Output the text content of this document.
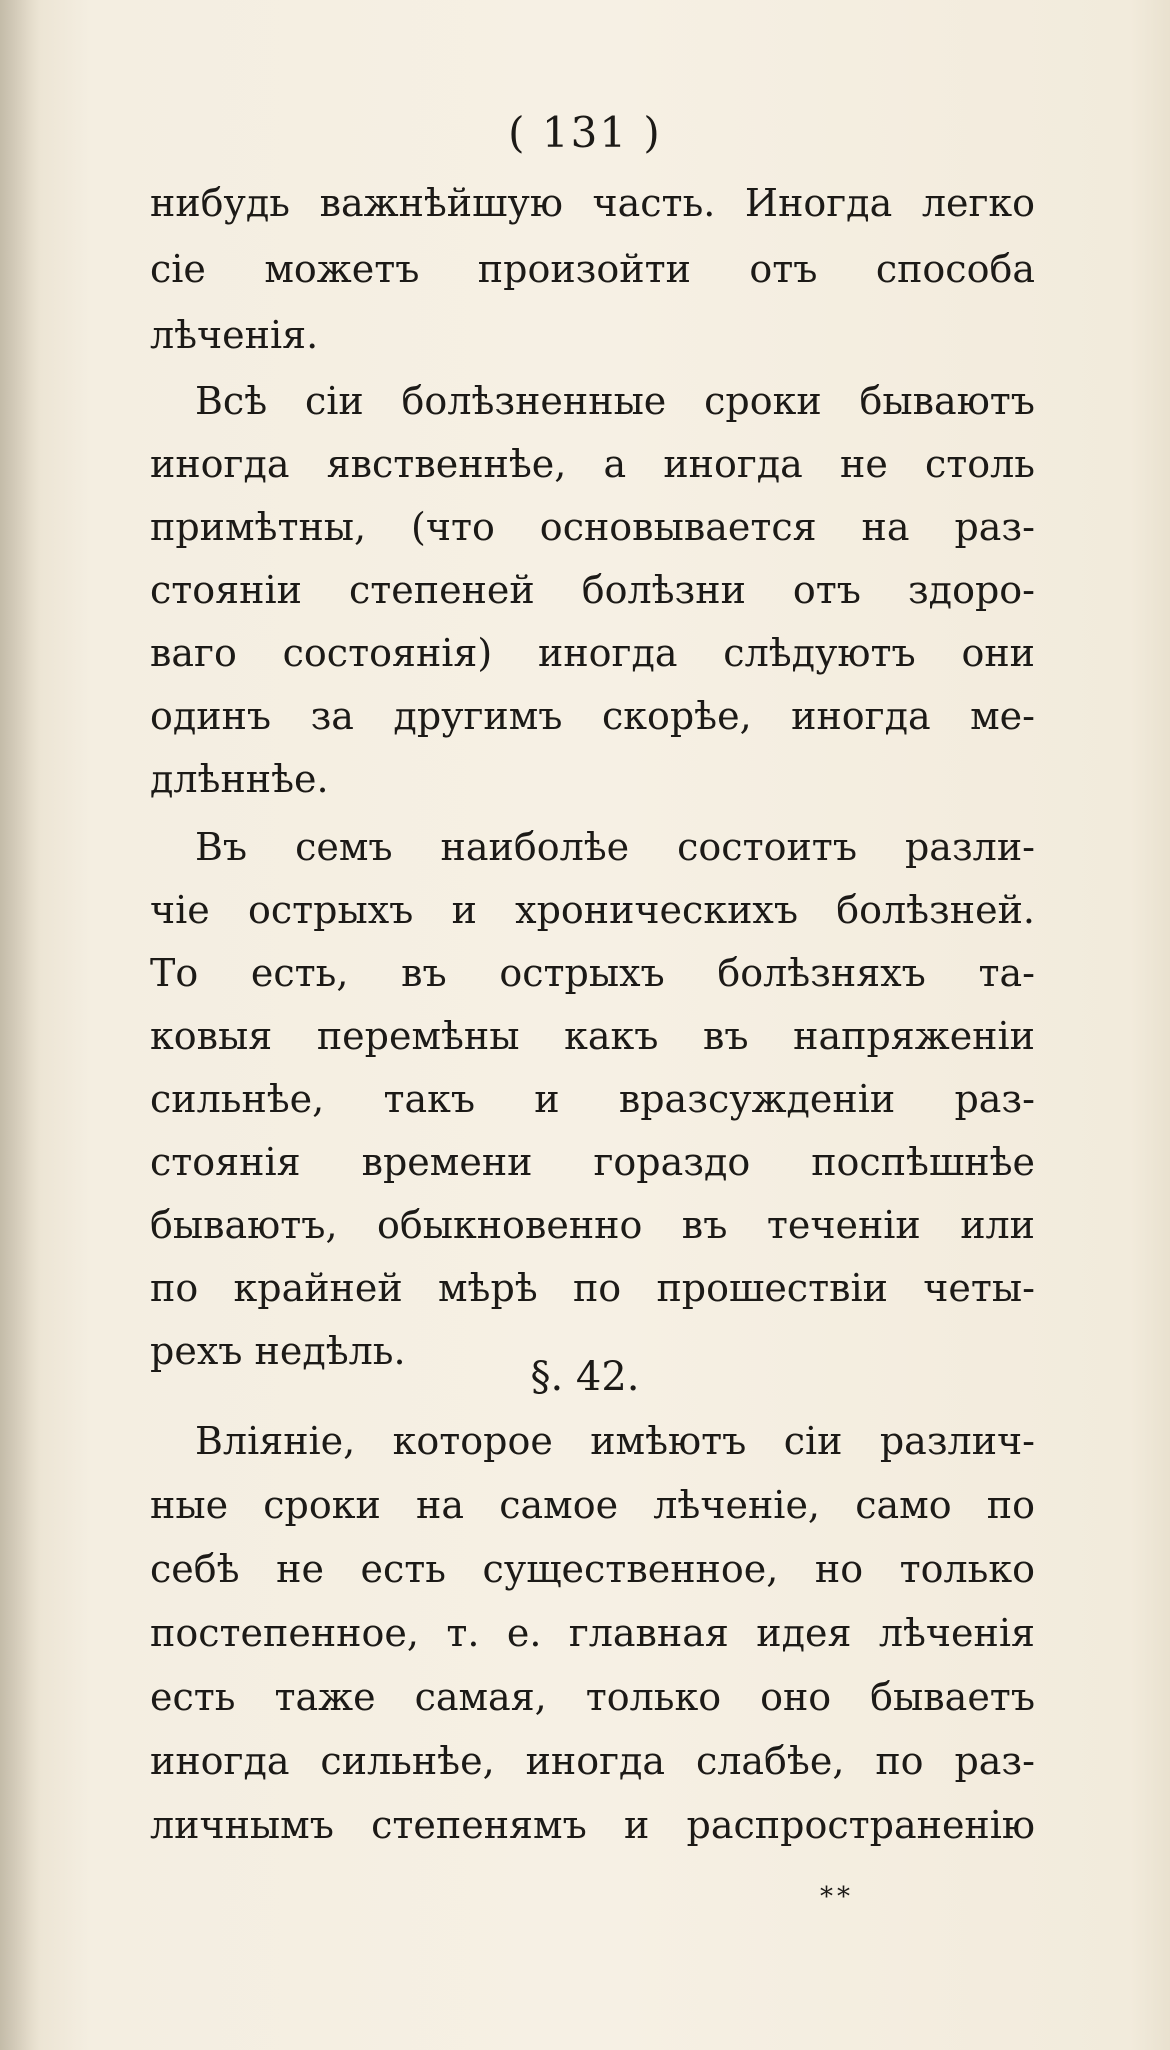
( 131 )
нибудь важнѣйшую часть. Иногда легко
сіе можетъ произойти отъ способа
лѣченія.
Всѣ сіи болѣзненные сроки бываютъ
иногда явственнѣе, а иногда не столь
примѣтны, (что основывается на раз-
стояніи степеней болѣзни отъ здоро-
ваго состоянія) иногда слѣдуютъ они
одинъ за другимъ скорѣе, иногда ме-
длѣннѣе.
Въ семъ наиболѣе состоитъ разли-
чіе острыхъ и хроническихъ болѣзней.
То есть, въ острыхъ болѣзняхъ та-
ковыя перемѣны какъ въ напряженіи
сильнѣе, такъ и вразсужденіи раз-
стоянія времени гораздо поспѣшнѣе
бываютъ, обыкновенно въ теченіи или
по крайней мѣрѣ по прошествіи четы-
рехъ недѣль.
§. 42.
Вліяніе, которое имѣютъ сіи различ-
ные сроки на самое лѣченіе, само по
себѣ не есть существенное, но только
постепенное, т. е. главная идея лѣченія
есть таже самая, только оно бываетъ
иногда сильнѣе, иногда слабѣе, по раз-
личнымъ степенямъ и распространенію
**
